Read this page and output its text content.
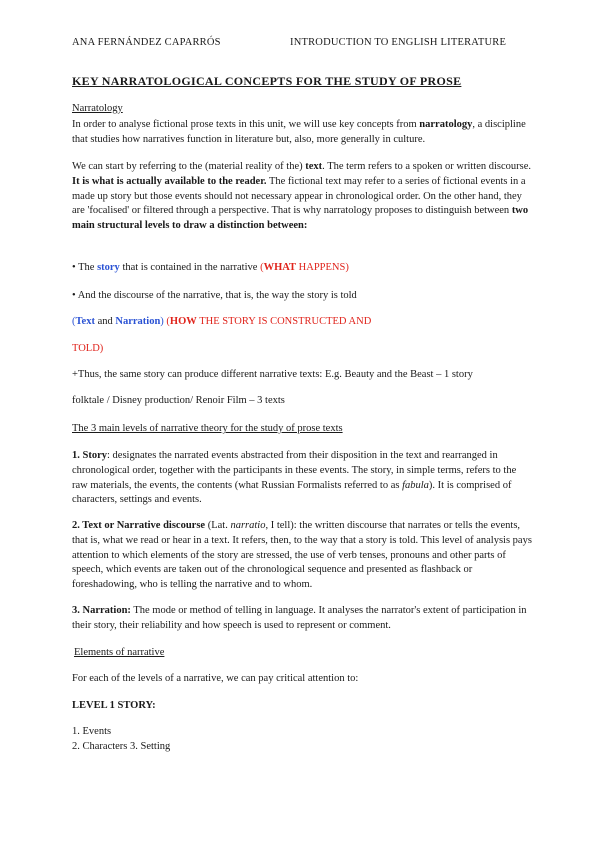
ANA FERNÁNDEZ CAPARRÓS	INTRODUCTION TO ENGLISH LITERATURE
KEY NARRATOLOGICAL CONCEPTS FOR THE STUDY OF PROSE
Narratology
In order to analyse fictional prose texts in this unit, we will use key concepts from narratology, a discipline that studies how narratives function in literature but, also, more generally in culture.
We can start by referring to the (material reality of the) text. The term refers to a spoken or written discourse. It is what is actually available to the reader. The fictional text may refer to a series of fictional events in a made up story but those events should not necessary appear in chronological order. On the other hand, they are 'focalised' or filtered through a perspective. That is why narratology proposes to distinguish between two main structural levels to draw a distinction between:
• The story that is contained in the narrative (WHAT HAPPENS)
• And the discourse of the narrative, that is, the way the story is told
(Text and Narration) (HOW THE STORY IS CONSTRUCTED AND
TOLD)
+Thus, the same story can produce different narrative texts: E.g. Beauty and the Beast – 1 story
folktale / Disney production/ Renoir Film – 3 texts
The 3 main levels of narrative theory for the study of prose texts
1. Story: designates the narrated events abstracted from their disposition in the text and rearranged in chronological order, together with the participants in these events. The story, in simple terms, refers to the raw materials, the events, the contents (what Russian Formalists referred to as fabula). It is comprised of characters, settings and events.
2. Text or Narrative discourse (Lat. narratio, I tell): the written discourse that narrates or tells the events, that is, what we read or hear in a text. It refers, then, to the way that a story is told. This level of analysis pays attention to which elements of the story are stressed, the use of verb tenses, pronouns and other parts of speech, which events are taken out of the chronological sequence and presented as flashback or foreshadowing, who is telling the narrative and to whom.
3. Narration: The mode or method of telling in language. It analyses the narrator's extent of participation in their story, their reliability and how speech is used to represent or comment.
Elements of narrative
For each of the levels of a narrative, we can pay critical attention to:
LEVEL 1 STORY:
1. Events
2. Characters 3. Setting
